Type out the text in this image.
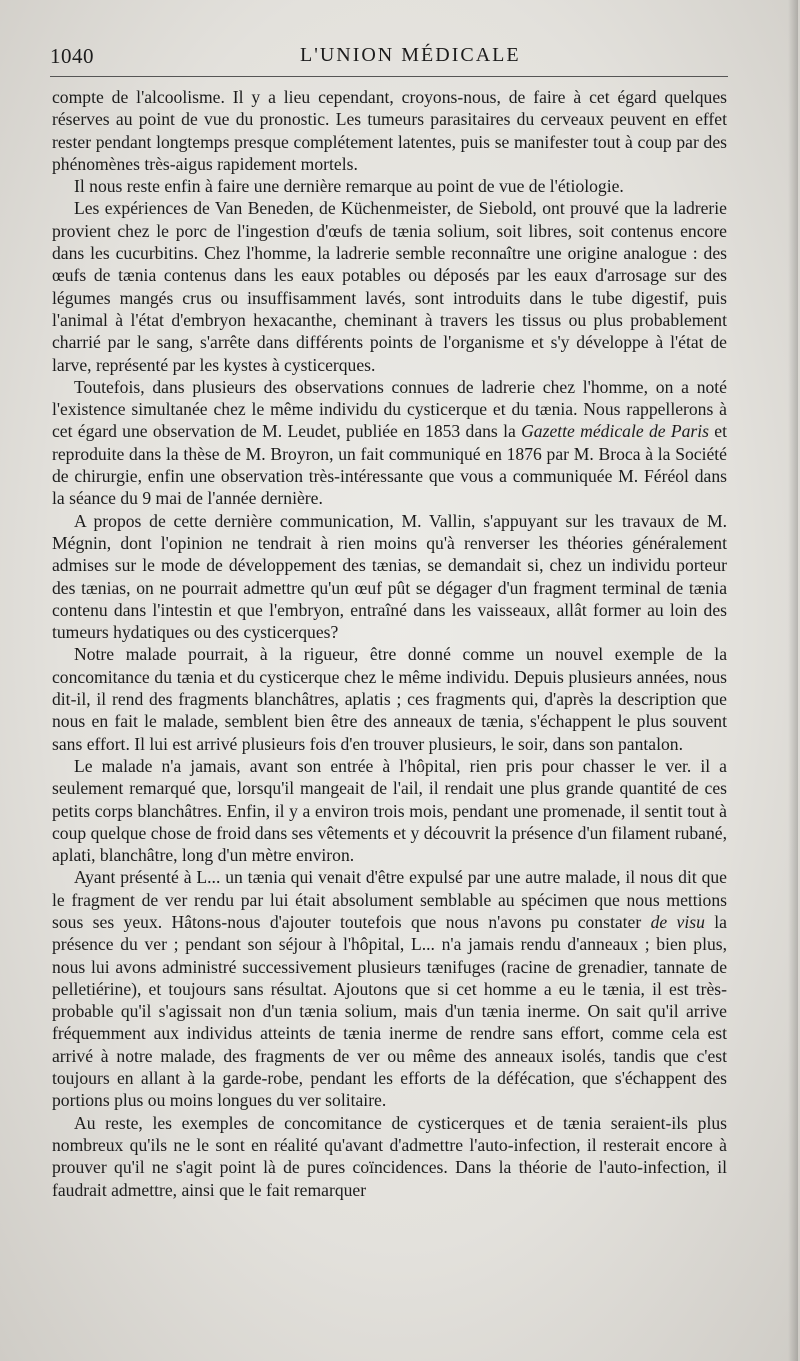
1040	L'UNION MÉDICALE

compte de l'alcoolisme. Il y a lieu cependant, croyons-nous, de faire à cet égard quelques réserves au point de vue du pronostic. Les tumeurs parasitaires du cerveaux peuvent en effet rester pendant longtemps presque complétement latentes, puis se manifester tout à coup par des phénomènes très-aigus rapidement mortels.

Il nous reste enfin à faire une dernière remarque au point de vue de l'étiologie.

Les expériences de Van Beneden, de Küchenmeister, de Siebold, ont prouvé que la ladrerie provient chez le porc de l'ingestion d'œufs de tænia solium, soit libres, soit contenus encore dans les cucurbitins. Chez l'homme, la ladrerie semble reconnaître une origine analogue : des œufs de tænia contenus dans les eaux potables ou déposés par les eaux d'arrosage sur des légumes mangés crus ou insuffisamment lavés, sont introduits dans le tube digestif, puis l'animal à l'état d'embryon hexacanthe, cheminant à travers les tissus ou plus probablement charrié par le sang, s'arrête dans différents points de l'organisme et s'y développe à l'état de larve, représenté par les kystes à cysticerques.

Toutefois, dans plusieurs des observations connues de ladrerie chez l'homme, on a noté l'existence simultanée chez le même individu du cysticerque et du tænia. Nous rappellerons à cet égard une observation de M. Leudet, publiée en 1853 dans la Gazette médicale de Paris et reproduite dans la thèse de M. Broyron, un fait communiqué en 1876 par M. Broca à la Société de chirurgie, enfin une observation très-intéressante que vous a communiquée M. Féréol dans la séance du 9 mai de l'année dernière.

A propos de cette dernière communication, M. Vallin, s'appuyant sur les travaux de M. Mégnin, dont l'opinion ne tendrait à rien moins qu'à renverser les théories généralement admises sur le mode de développement des tænias, se demandait si, chez un individu porteur des tænias, on ne pourrait admettre qu'un œuf pût se dégager d'un fragment terminal de tænia contenu dans l'intestin et que l'embryon, entraîné dans les vaisseaux, allât former au loin des tumeurs hydatiques ou des cysticerques?

Notre malade pourrait, à la rigueur, être donné comme un nouvel exemple de la concomitance du tænia et du cysticerque chez le même individu. Depuis plusieurs années, nous dit-il, il rend des fragments blanchâtres, aplatis ; ces fragments qui, d'après la description que nous en fait le malade, semblent bien être des anneaux de tænia, s'échappent le plus souvent sans effort. Il lui est arrivé plusieurs fois d'en trouver plusieurs, le soir, dans son pantalon.

Le malade n'a jamais, avant son entrée à l'hôpital, rien pris pour chasser le ver. il a seulement remarqué que, lorsqu'il mangeait de l'ail, il rendait une plus grande quantité de ces petits corps blanchâtres. Enfin, il y a environ trois mois, pendant une promenade, il sentit tout à coup quelque chose de froid dans ses vêtements et y découvrit la présence d'un filament rubané, aplati, blanchâtre, long d'un mètre environ.

Ayant présenté à L... un tænia qui venait d'être expulsé par une autre malade, il nous dit que le fragment de ver rendu par lui était absolument semblable au spécimen que nous mettions sous ses yeux. Hâtons-nous d'ajouter toutefois que nous n'avons pu constater de visu la présence du ver ; pendant son séjour à l'hôpital, L... n'a jamais rendu d'anneaux ; bien plus, nous lui avons administré successivement plusieurs tænifuges (racine de grenadier, tannate de pelletiérine), et toujours sans résultat. Ajoutons que si cet homme a eu le tænia, il est très-probable qu'il s'agissait non d'un tænia solium, mais d'un tænia inerme. On sait qu'il arrive fréquemment aux individus atteints de tænia inerme de rendre sans effort, comme cela est arrivé à notre malade, des fragments de ver ou même des anneaux isolés, tandis que c'est toujours en allant à la garde-robe, pendant les efforts de la défécation, que s'échappent des portions plus ou moins longues du ver solitaire.

Au reste, les exemples de concomitance de cysticerques et de tænia seraient-ils plus nombreux qu'ils ne le sont en réalité qu'avant d'admettre l'auto-infection, il resterait encore à prouver qu'il ne s'agit point là de pures coïncidences. Dans la théorie de l'auto-infection, il faudrait admettre, ainsi que le fait remarquer
